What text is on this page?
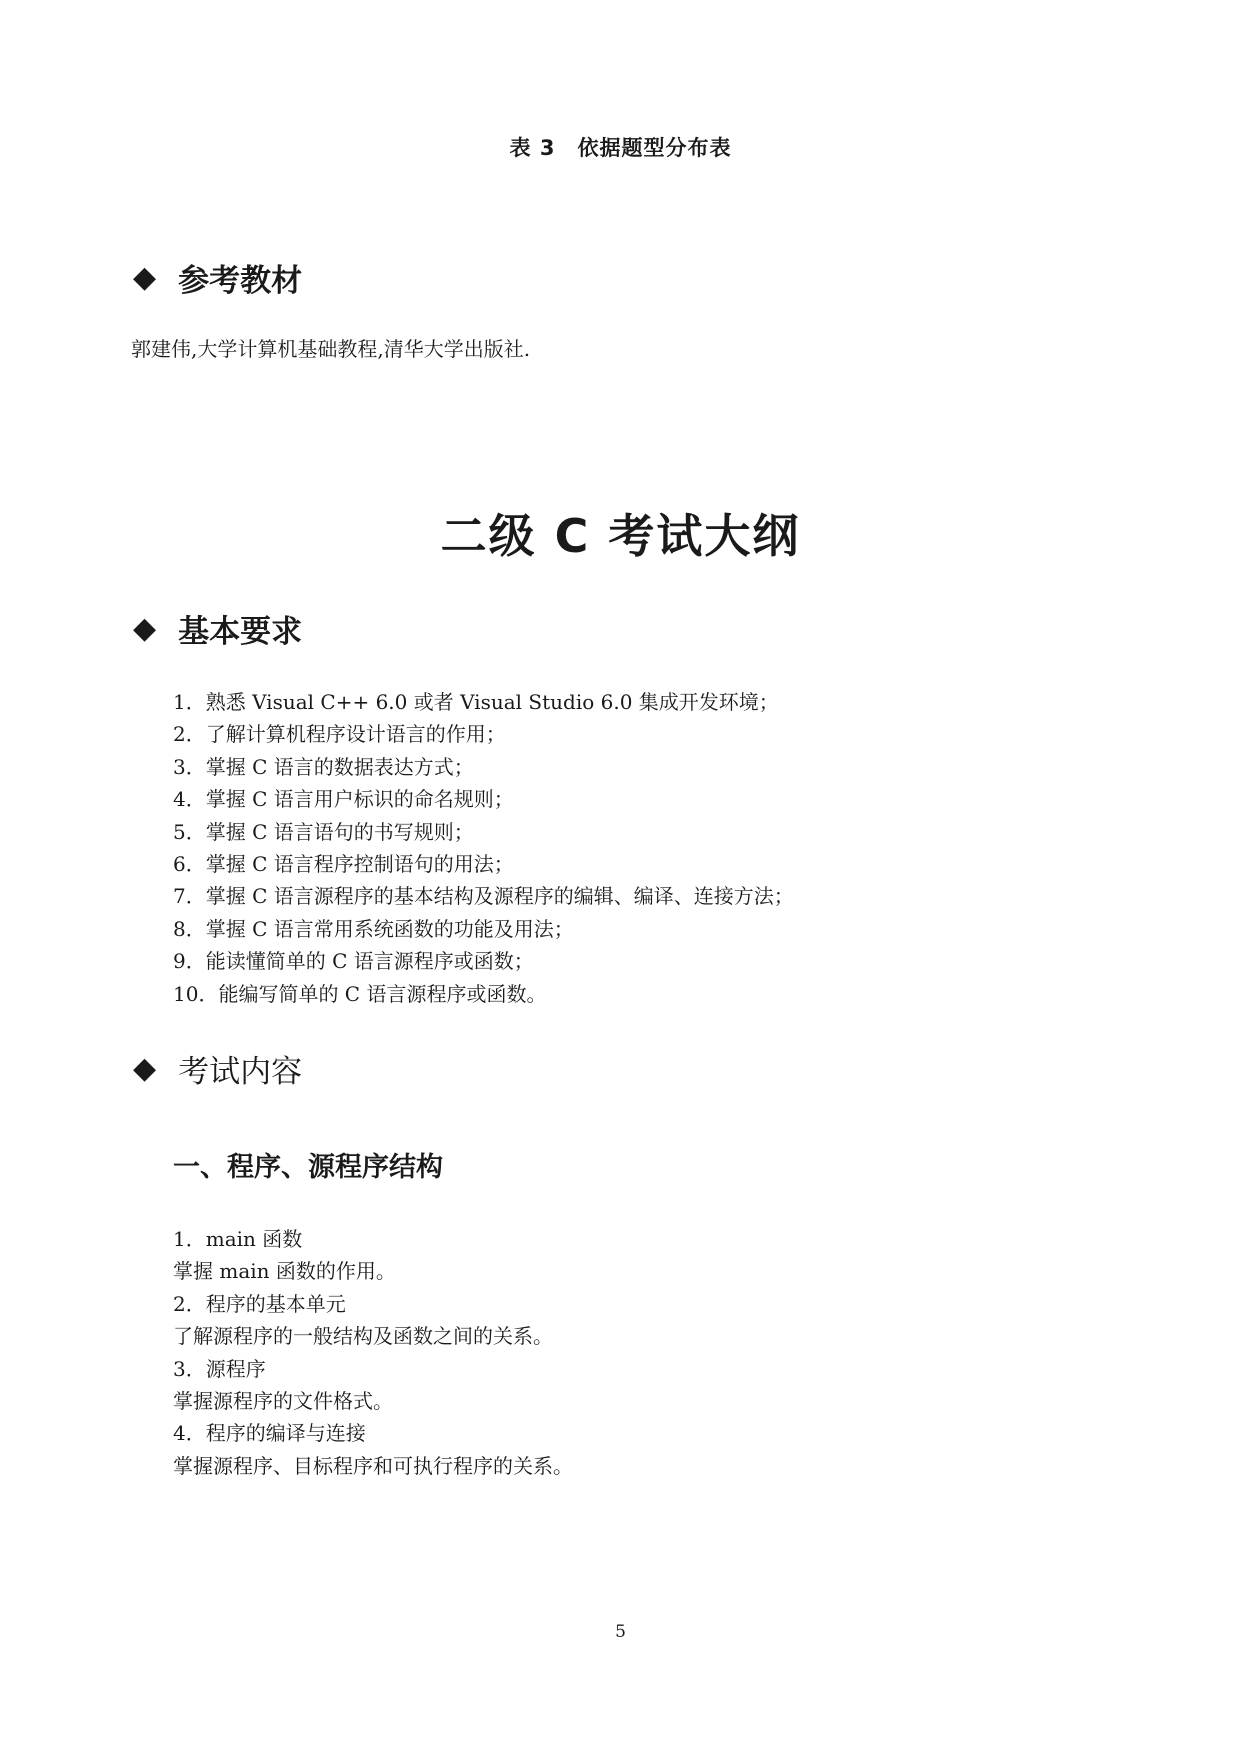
表 3　依据题型分布表
◆ 参考教材
郭建伟,大学计算机基础教程,清华大学出版社.
二级 C 考试大纲
◆ 基本要求
1．熟悉 Visual C++ 6.0 或者 Visual Studio 6.0 集成开发环境；
2．了解计算机程序设计语言的作用；
3．掌握 C 语言的数据表达方式；
4．掌握 C 语言用户标识的命名规则；
5．掌握 C 语言语句的书写规则；
6．掌握 C 语言程序控制语句的用法；
7．掌握 C 语言源程序的基本结构及源程序的编辑、编译、连接方法；
8．掌握 C 语言常用系统函数的功能及用法；
9．能读懂简单的 C 语言源程序或函数；
10．能编写简单的 C 语言源程序或函数。
◆ 考试内容
一、程序、源程序结构
1．main 函数
掌握 main 函数的作用。
2．程序的基本单元
了解源程序的一般结构及函数之间的关系。
3．源程序
掌握源程序的文件格式。
4．程序的编译与连接
掌握源程序、目标程序和可执行程序的关系。
5
